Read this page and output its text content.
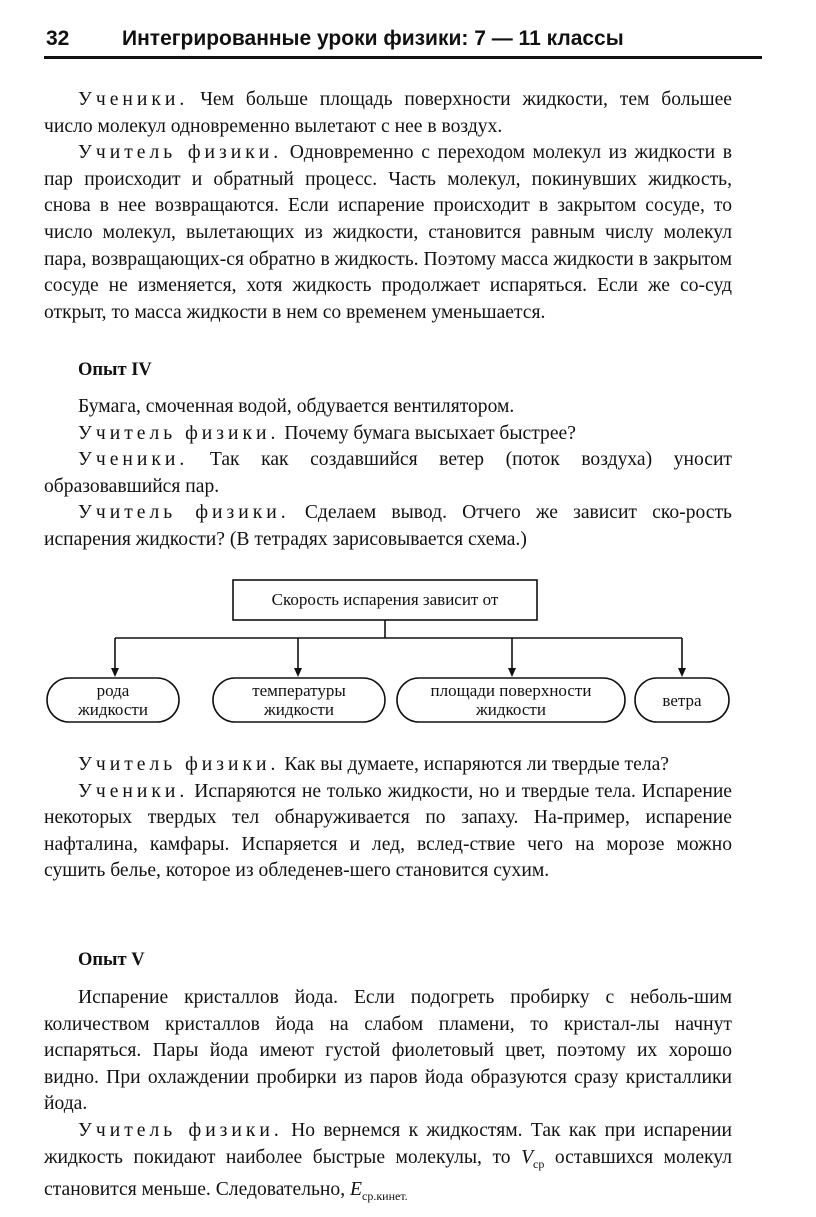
32	Интегрированные уроки физики: 7 — 11 классы

Ученики. Чем больше площадь поверхности жидкости, тем большее число молекул одновременно вылетают с нее в воздух.

Учитель физики. Одновременно с переходом молекул из жидкости в пар происходит и обратный процесс. Часть молекул, покинувших жидкость, снова в нее возвращаются. Если испарение происходит в закрытом сосуде, то число молекул, вылетающих из жидкости, становится равным числу молекул пара, возвращающих-ся обратно в жидкость. Поэтому масса жидкости в закрытом сосуде не изменяется, хотя жидкость продолжает испаряться. Если же со-суд открыт, то масса жидкости в нем со временем уменьшается.

Опыт IV

Бумага, смоченная водой, обдувается вентилятором.

Учитель физики. Почему бумага высыхает быстрее?

Ученики. Так как создавшийся ветер (поток воздуха) уносит образовавшийся пар.

Учитель физики. Сделаем вывод. Отчего же зависит ско-рость испарения жидкости? (В тетрадях зарисовывается схема.)

Скорость испарения зависит от
рода
жидкости
температуры
жидкости
площади поверхности
жидкости	ветра

Учитель физики. Как вы думаете, испаряются ли твердые тела?

Ученики. Испаряются не только жидкости, но и твердые тела. Испарение некоторых твердых тел обнаруживается по запаху. На-пример, испарение нафталина, камфары. Испаряется и лед, вслед-ствие чего на морозе можно сушить белье, которое из обледенев-шего становится сухим.

Опыт V

Испарение кристаллов йода. Если подогреть пробирку с неболь-шим количеством кристаллов йода на слабом пламени, то кристал-лы начнут испаряться. Пары йода имеют густой фиолетовый цвет, поэтому их хорошо видно. При охлаждении пробирки из паров йода образуются сразу кристаллики йода.

Учитель физики. Но вернемся к жидкостям. Так как при испарении жидкость покидают наиболее быстрые молекулы, то $V_{ср}$ оставшихся молекул становится меньше. Следовательно, $E_{ср.кинет.}$
